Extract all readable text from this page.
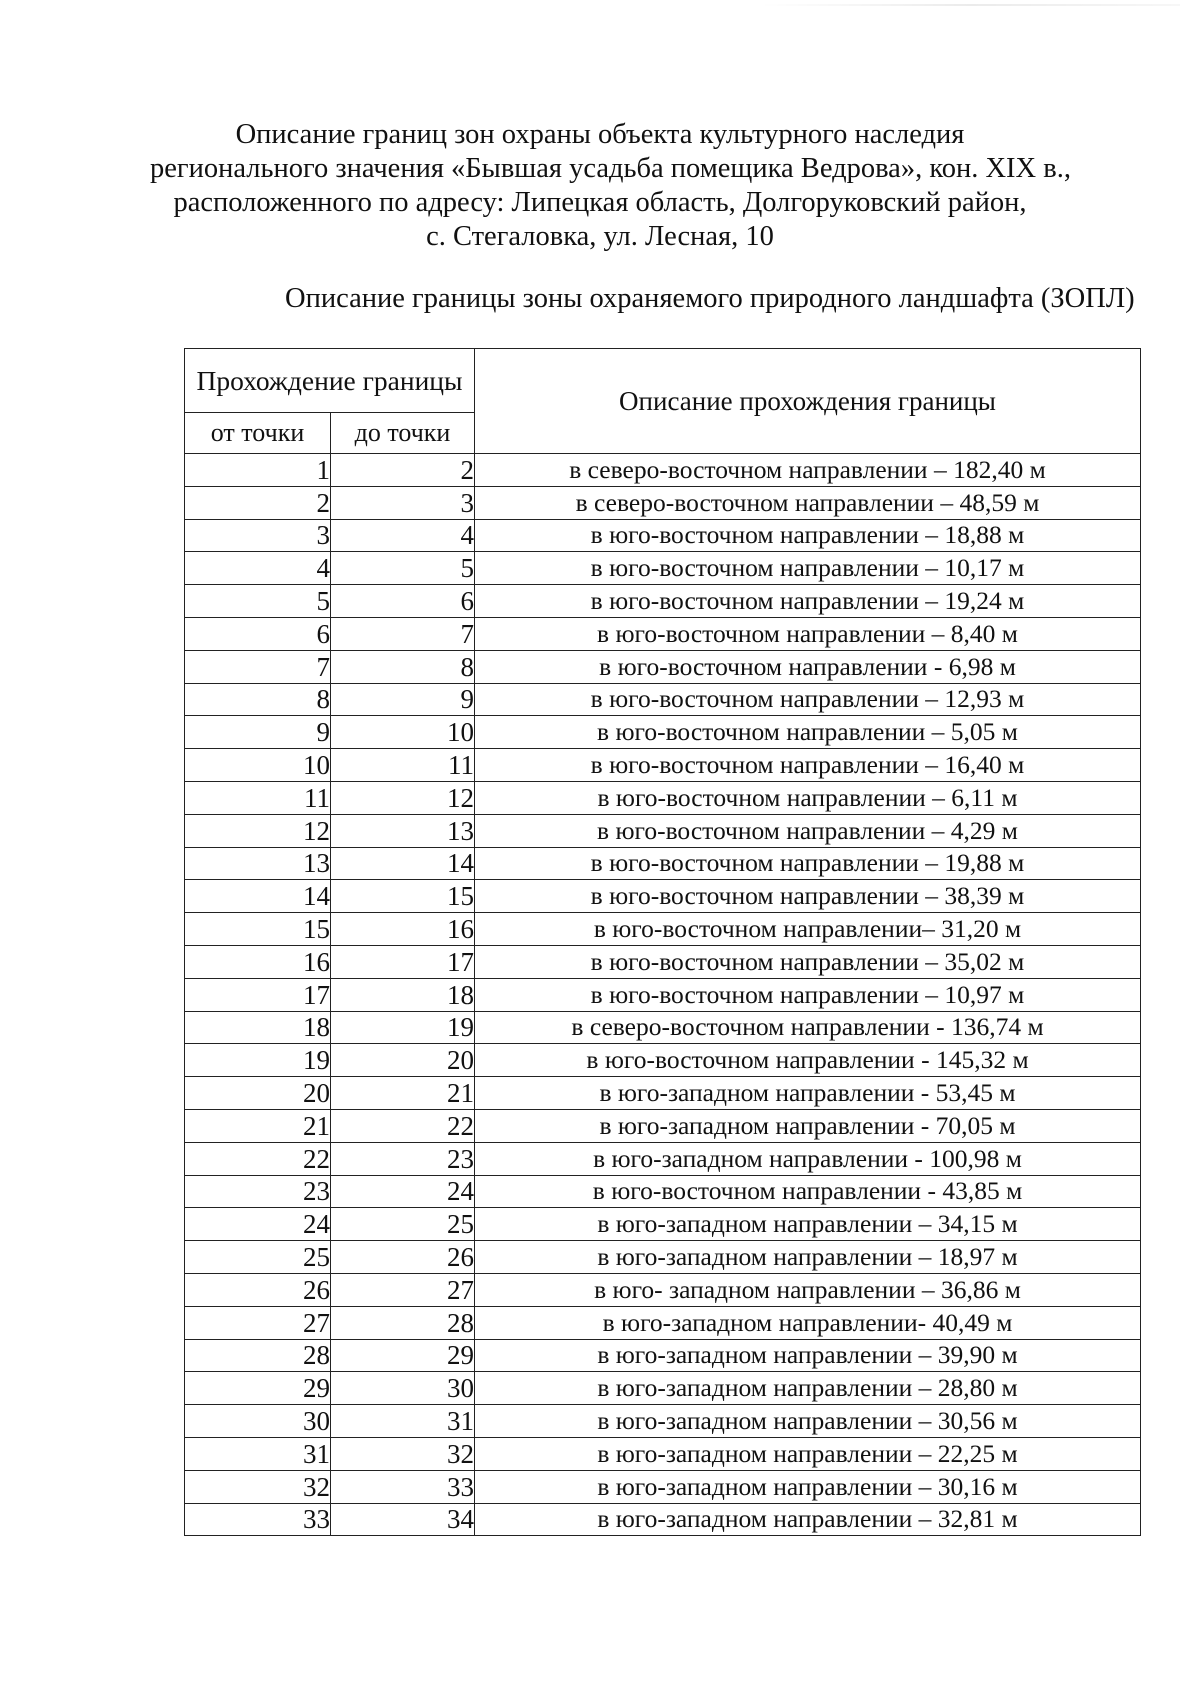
Описание границ зон охраны объекта культурного наследия
регионального значения «Бывшая усадьба помещика Ведрова», кон. XIX в.,
расположенного по адресу: Липецкая область, Долгоруковский район,
с. Стегаловка, ул. Лесная, 10
Описание границы зоны охраняемого природного ландшафта (ЗОПЛ)
Прохождение границы		Описание прохождения границы
от точки	до точки	
1	2	в северо-восточном направлении – 182,40 м
2	3	в северо-восточном направлении – 48,59 м
3	4	в юго-восточном направлении – 18,88 м
4	5	в юго-восточном направлении – 10,17 м
5	6	в юго-восточном направлении – 19,24 м
6	7	в юго-восточном направлении – 8,40 м
7	8	в юго-восточном направлении - 6,98 м
8	9	в юго-восточном направлении – 12,93 м
9	10	в юго-восточном направлении – 5,05 м
10	11	в юго-восточном направлении – 16,40 м
11	12	в юго-восточном направлении – 6,11 м
12	13	в юго-восточном направлении – 4,29 м
13	14	в юго-восточном направлении – 19,88 м
14	15	в юго-восточном направлении – 38,39 м
15	16	в юго-восточном направлении– 31,20 м
16	17	в юго-восточном направлении – 35,02 м
17	18	в юго-восточном направлении – 10,97 м
18	19	в северо-восточном направлении - 136,74 м
19	20	в юго-восточном направлении - 145,32 м
20	21	в юго-западном направлении - 53,45 м
21	22	в юго-западном направлении - 70,05 м
22	23	в юго-западном направлении - 100,98 м
23	24	в юго-восточном направлении - 43,85 м
24	25	в юго-западном направлении – 34,15 м
25	26	в юго-западном направлении – 18,97 м
26	27	в юго- западном направлении – 36,86 м
27	28	в юго-западном направлении- 40,49 м
28	29	в юго-западном направлении – 39,90 м
29	30	в юго-западном направлении – 28,80 м
30	31	в юго-западном направлении – 30,56 м
31	32	в юго-западном направлении – 22,25 м
32	33	в юго-западном направлении – 30,16 м
33	34	в юго-западном направлении – 32,81 м
